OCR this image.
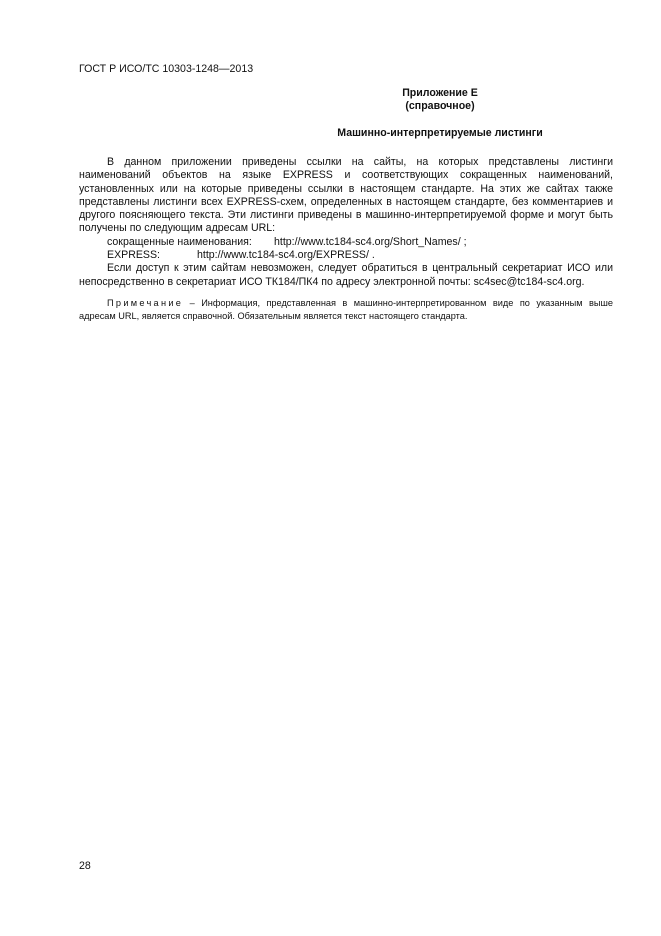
ГОСТ Р ИСО/ТС 10303-1248—2013
Приложение Е
(справочное)
Машинно-интерпретируемые листинги

В данном приложении приведены ссылки на сайты, на которых представлены листинги наименований объектов на языке EXPRESS и соответствующих сокращенных наименований, установленных или на которые приведены ссылки в настоящем стандарте. На этих же сайтах также представлены листинги всех EXPRESS-схем, определенных в настоящем стандарте, без комментариев и другого поясняющего текста. Эти листинги приведены в машинно-интерпретируемой форме и могут быть получены по следующим адресам URL:

сокращенные наименования: http://www.tc184-sc4.org/Short_Names/ ;

EXPRESS:	http://www.tc184-sc4.org/EXPRESS/ .

Если доступ к этим сайтам невозможен, следует обратиться в центральный секретариат ИСО или непосредственно в секретариат ИСО ТК184/ПК4 по адресу электронной почты: sc4sec@tc184-sc4.org.

Примечание – Информация, представленная в машинно-интерпретированном виде по указанным выше адресам URL, является справочной. Обязательным является текст настоящего стандарта.

28
